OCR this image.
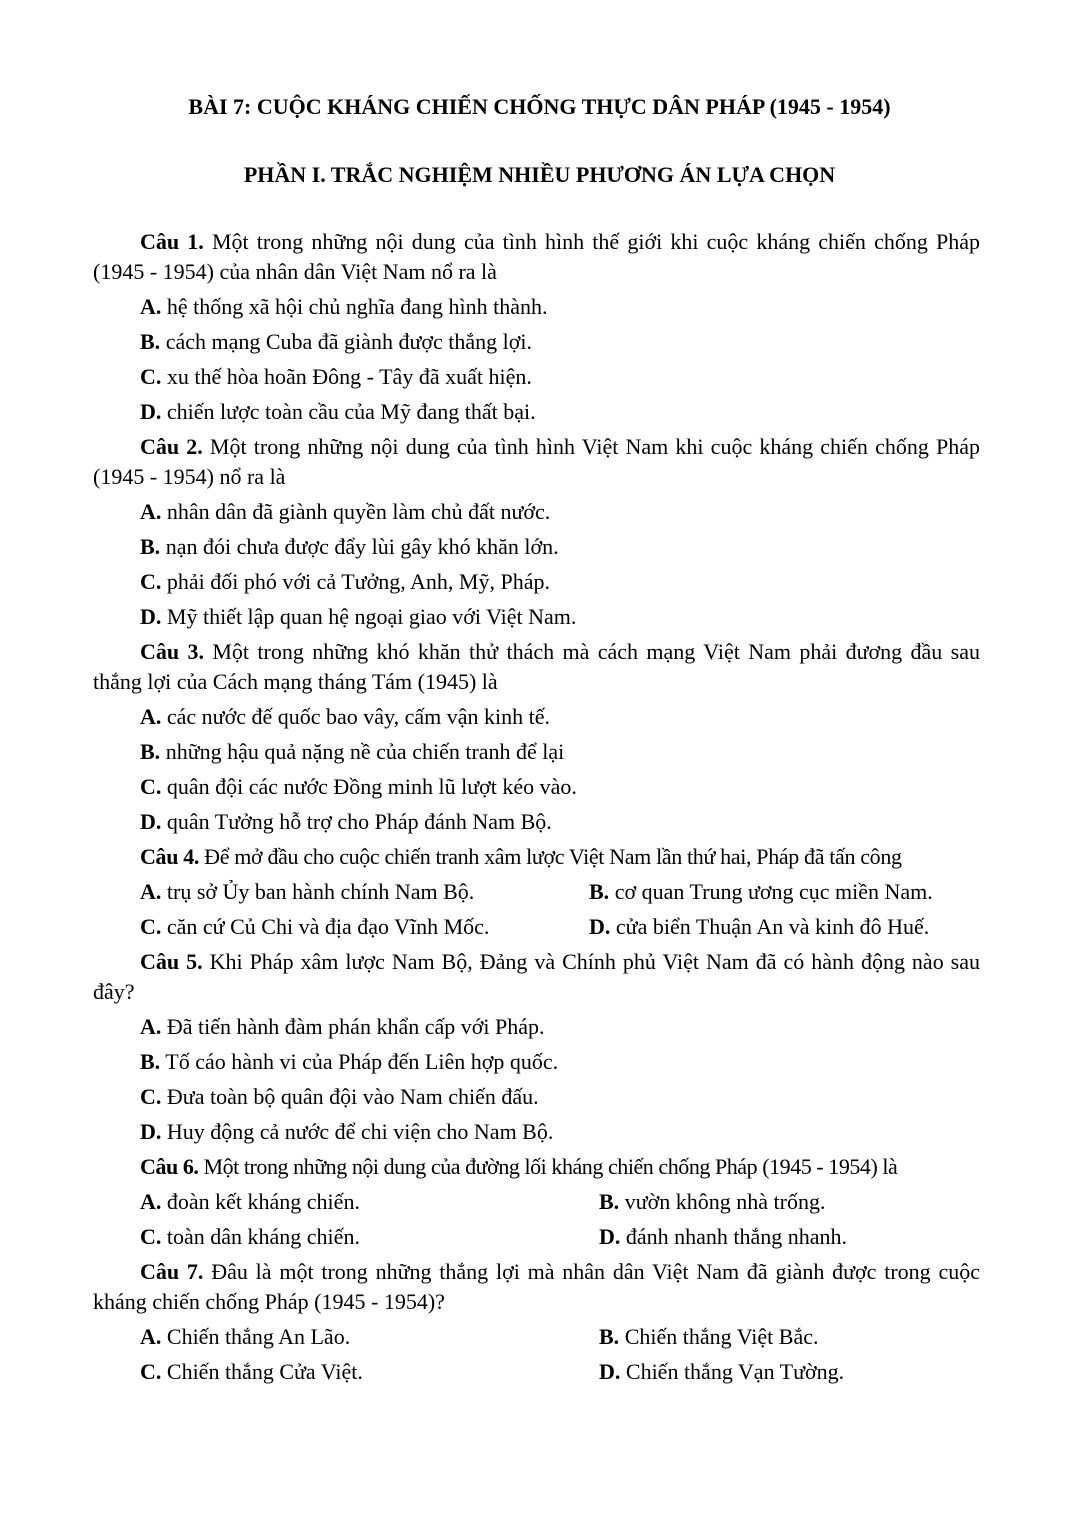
BÀI 7: CUỘC KHÁNG CHIẾN CHỐNG THỰC DÂN PHÁP (1945 - 1954)
PHẦN I. TRẮC NGHIỆM NHIỀU PHƯƠNG ÁN LỰA CHỌN

Câu 1. Một trong những nội dung của tình hình thế giới khi cuộc kháng chiến chống Pháp (1945 - 1954) của nhân dân Việt Nam nổ ra là

A. hệ thống xã hội chủ nghĩa đang hình thành.

B. cách mạng Cuba đã giành được thắng lợi.

C. xu thế hòa hoãn Đông - Tây đã xuất hiện.

D. chiến lược toàn cầu của Mỹ đang thất bại.

Câu 2. Một trong những nội dung của tình hình Việt Nam khi cuộc kháng chiến chống Pháp (1945 - 1954) nổ ra là

A. nhân dân đã giành quyền làm chủ đất nước.

B. nạn đói chưa được đẩy lùi gây khó khăn lớn.

C. phải đối phó với cả Tưởng, Anh, Mỹ, Pháp.

D. Mỹ thiết lập quan hệ ngoại giao với Việt Nam.

Câu 3. Một trong những khó khăn thử thách mà cách mạng Việt Nam phải đương đầu sau thắng lợi của Cách mạng tháng Tám (1945) là

A. các nước đế quốc bao vây, cấm vận kinh tế.

B. những hậu quả nặng nề của chiến tranh để lại

C. quân đội các nước Đồng minh lũ lượt kéo vào.

D. quân Tưởng hỗ trợ cho Pháp đánh Nam Bộ.

Câu 4. Để mở đầu cho cuộc chiến tranh xâm lược Việt Nam lần thứ hai, Pháp đã tấn công

A. trụ sở Ủy ban hành chính Nam Bộ.	B. cơ quan Trung ương cục miền Nam.
C. căn cứ Củ Chi và địa đạo Vĩnh Mốc.	D. cửa biển Thuận An và kinh đô Huế.

Câu 5. Khi Pháp xâm lược Nam Bộ, Đảng và Chính phủ Việt Nam đã có hành động nào sau đây?

A. Đã tiến hành đàm phán khẩn cấp với Pháp.

B. Tố cáo hành vi của Pháp đến Liên hợp quốc.

C. Đưa toàn bộ quân đội vào Nam chiến đấu.

D. Huy động cả nước để chi viện cho Nam Bộ.

Câu 6. Một trong những nội dung của đường lối kháng chiến chống Pháp (1945 - 1954) là

A. đoàn kết kháng chiến.	B. vườn không nhà trống.
C. toàn dân kháng chiến.	D. đánh nhanh thắng nhanh.

Câu 7. Đâu là một trong những thắng lợi mà nhân dân Việt Nam đã giành được trong cuộc kháng chiến chống Pháp (1945 - 1954)?

A. Chiến thắng An Lão.	B. Chiến thắng Việt Bắc.
C. Chiến thắng Cửa Việt.	D. Chiến thắng Vạn Tường.
